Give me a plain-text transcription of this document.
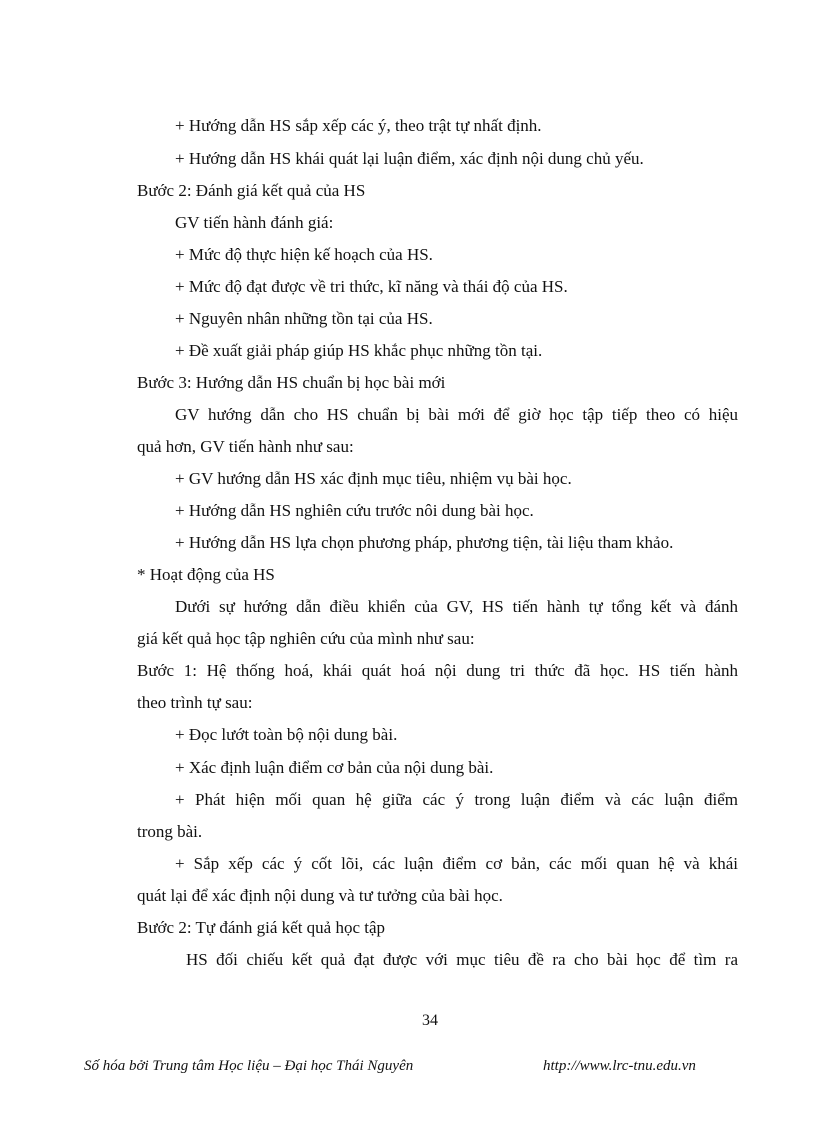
+ Hướng dẫn HS sắp xếp các ý, theo trật tự nhất định.
+ Hướng dẫn HS khái quát lại luận điểm, xác định nội dung chủ yếu.
Bước 2: Đánh giá kết quả của HS
GV tiến hành đánh giá:
+ Mức độ thực hiện kế hoạch của HS.
+ Mức độ đạt được về tri thức, kĩ năng và thái độ của HS.
+ Nguyên nhân những tồn tại của HS.
+ Đề xuất giải pháp giúp HS khắc phục những tồn tại.
Bước 3: Hướng dẫn HS chuẩn bị học bài mới
GV hướng dẫn cho HS chuẩn bị bài mới để giờ học tập tiếp theo có hiệu
quả hơn, GV tiến hành như sau:
+ GV hướng dẫn HS xác định mục tiêu, nhiệm vụ bài học.
+ Hướng dẫn HS nghiên cứu trước nôi dung bài học.
+ Hướng dẫn HS lựa chọn phương pháp, phương tiện, tài liệu tham khảo.
* Hoạt động của HS
Dưới sự hướng dẫn điều khiển của GV, HS tiến hành tự tổng kết và đánh
giá kết quả học tập nghiên cứu của mình như sau:
Bước 1: Hệ thống hoá, khái quát hoá nội dung tri thức đã học. HS tiến hành
theo trình tự sau:
+ Đọc lướt toàn bộ nội dung bài.
+ Xác định luận điểm cơ bản của nội dung bài.
+ Phát hiện mối quan hệ giữa các ý trong luận điểm và các luận điểm
trong bài.
+ Sắp xếp các ý cốt lõi, các luận điểm cơ bản, các mối quan hệ và khái
quát lại để xác định nội dung và tư tưởng của bài học.
Bước 2: Tự đánh giá kết quả học tập
HS đối chiếu kết quả đạt được với mục tiêu đề ra cho bài học để tìm ra
34
Số hóa bởi Trung tâm Học liệu – Đại học Thái Nguyên	http://www.lrc-tnu.edu.vn
